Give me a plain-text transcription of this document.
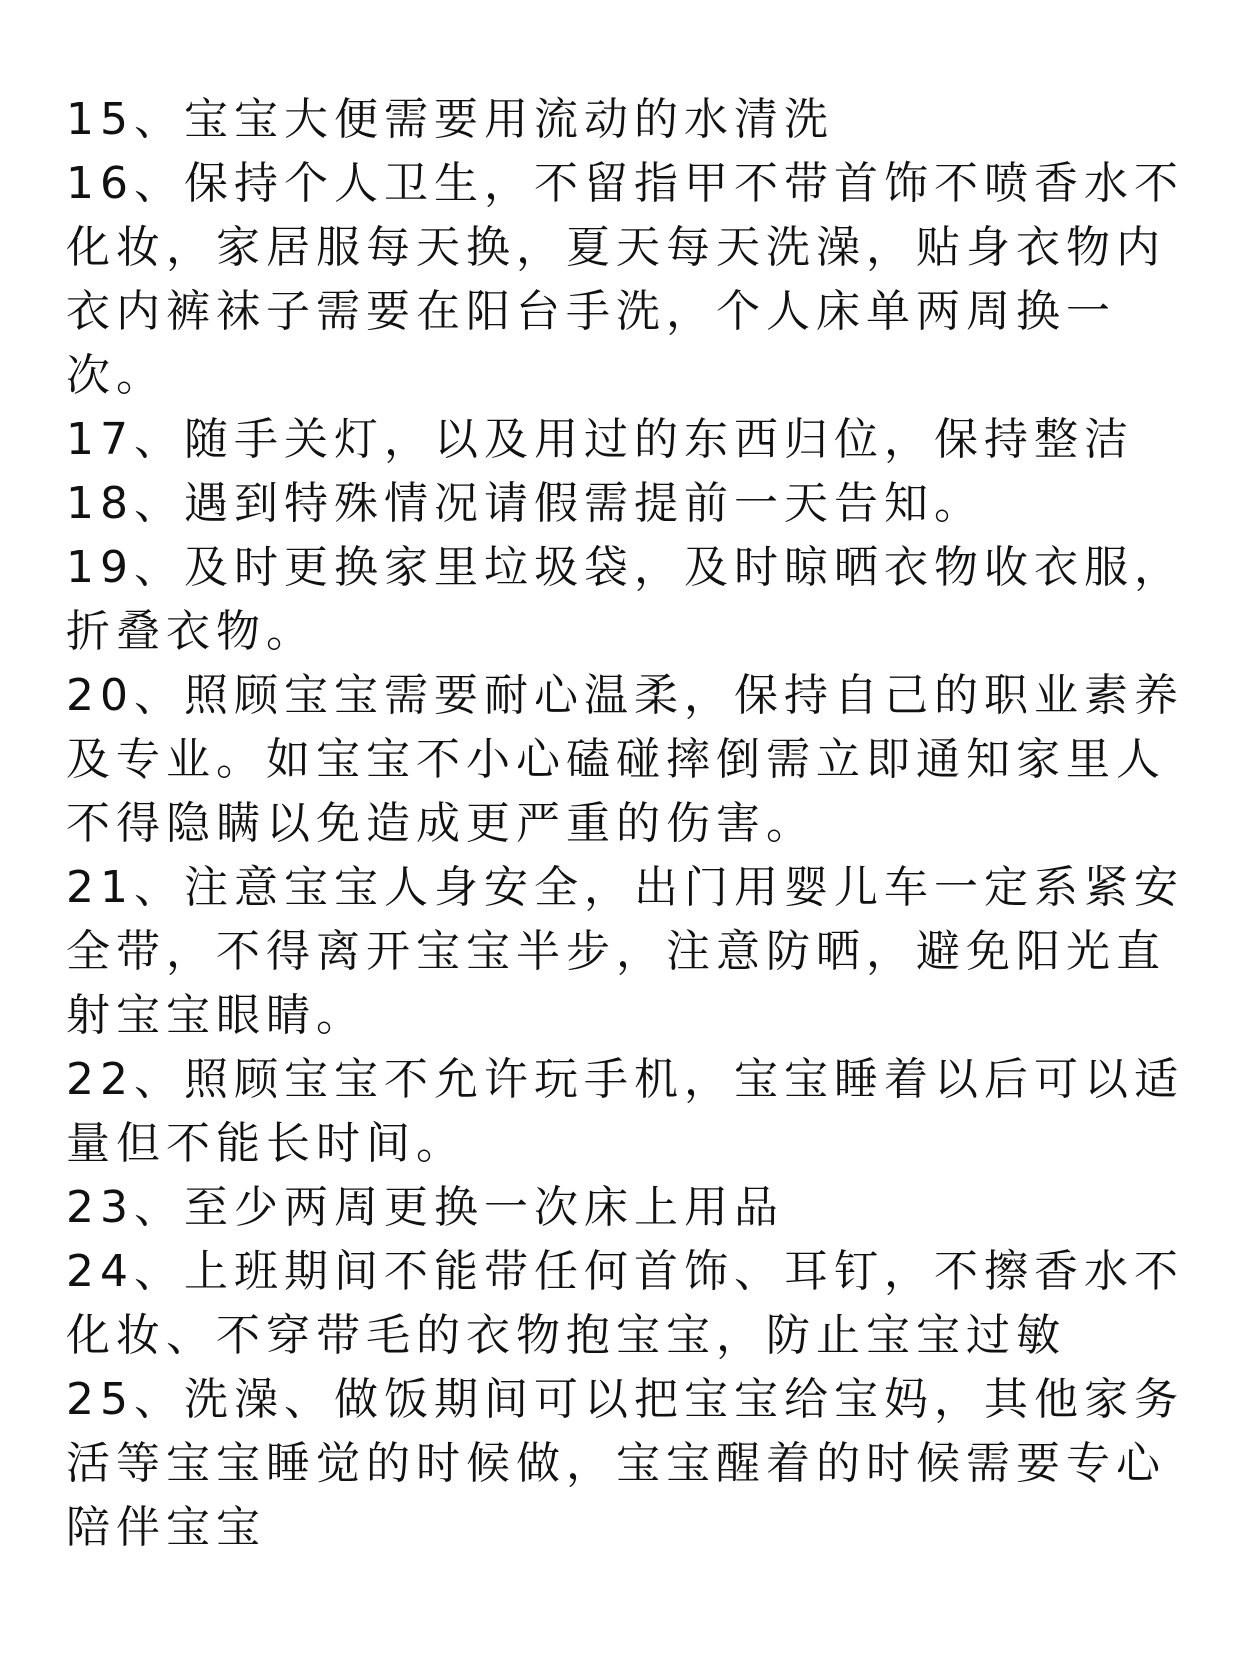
15、宝宝大便需要用流动的水清洗
16、保持个人卫生，不留指甲不带首饰不喷香水不
化妆，家居服每天换，夏天每天洗澡，贴身衣物内
衣内裤袜子需要在阳台手洗，个人床单两周换一
次。
17、随手关灯，以及用过的东西归位，保持整洁
18、遇到特殊情况请假需提前一天告知。
19、及时更换家里垃圾袋，及时晾晒衣物收衣服，
折叠衣物。
20、照顾宝宝需要耐心温柔，保持自己的职业素养
及专业。如宝宝不小心磕碰摔倒需立即通知家里人
不得隐瞒以免造成更严重的伤害。
21、注意宝宝人身安全，出门用婴儿车一定系紧安
全带，不得离开宝宝半步，注意防晒，避免阳光直
射宝宝眼睛。
22、照顾宝宝不允许玩手机，宝宝睡着以后可以适
量但不能长时间。
23、至少两周更换一次床上用品
24、上班期间不能带任何首饰、耳钉，不擦香水不
化妆、不穿带毛的衣物抱宝宝，防止宝宝过敏
25、洗澡、做饭期间可以把宝宝给宝妈，其他家务
活等宝宝睡觉的时候做，宝宝醒着的时候需要专心
陪伴宝宝
